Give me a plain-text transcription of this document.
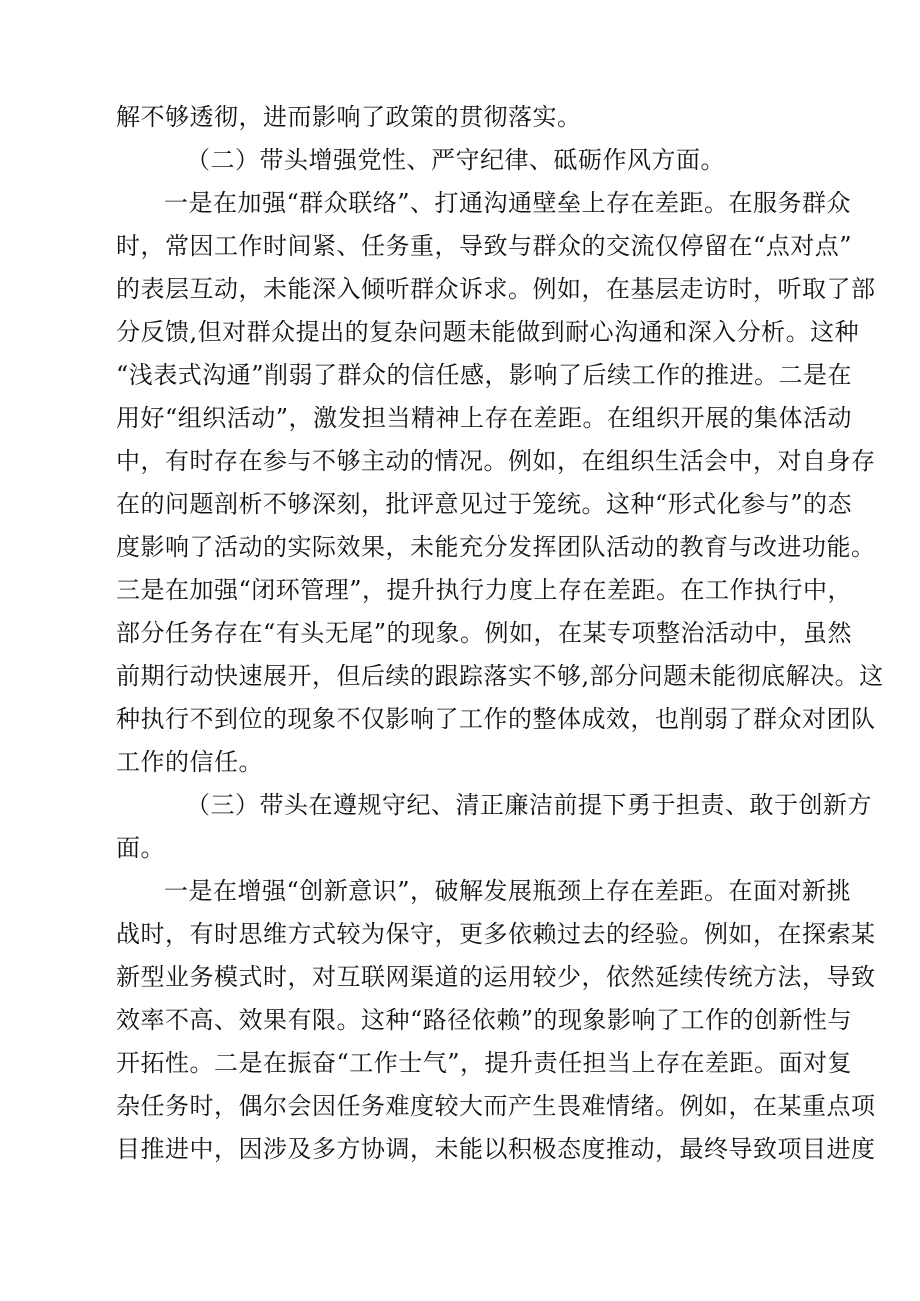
解不够透彻，进而影响了政策的贯彻落实。

（二）带头增强党性、严守纪律、砥砺作风方面。

一是在加强“群众联络”、打通沟通壁垒上存在差距。在服务群众

时，常因工作时间紧、任务重，导致与群众的交流仅停留在“点对点”

的表层互动，未能深入倾听群众诉求。例如，在基层走访时，听取了部

分反馈,但对群众提出的复杂问题未能做到耐心沟通和深入分析。这种

“浅表式沟通”削弱了群众的信任感，影响了后续工作的推进。二是在

用好“组织活动”，激发担当精神上存在差距。在组织开展的集体活动

中，有时存在参与不够主动的情况。例如，在组织生活会中，对自身存

在的问题剖析不够深刻，批评意见过于笼统。这种“形式化参与”的态

度影响了活动的实际效果，未能充分发挥团队活动的教育与改进功能。

三是在加强“闭环管理”，提升执行力度上存在差距。在工作执行中，

部分任务存在“有头无尾”的现象。例如，在某专项整治活动中，虽然

前期行动快速展开，但后续的跟踪落实不够,部分问题未能彻底解决。这

种执行不到位的现象不仅影响了工作的整体成效，也削弱了群众对团队

工作的信任。

（三）带头在遵规守纪、清正廉洁前提下勇于担责、敢于创新方

面。

一是在增强“创新意识”，破解发展瓶颈上存在差距。在面对新挑

战时，有时思维方式较为保守，更多依赖过去的经验。例如，在探索某

新型业务模式时，对互联网渠道的运用较少，依然延续传统方法，导致

效率不高、效果有限。这种“路径依赖”的现象影响了工作的创新性与

开拓性。二是在振奋“工作士气”，提升责任担当上存在差距。面对复

杂任务时，偶尔会因任务难度较大而产生畏难情绪。例如，在某重点项

目推进中，因涉及多方协调，未能以积极态度推动，最终导致项目进度
